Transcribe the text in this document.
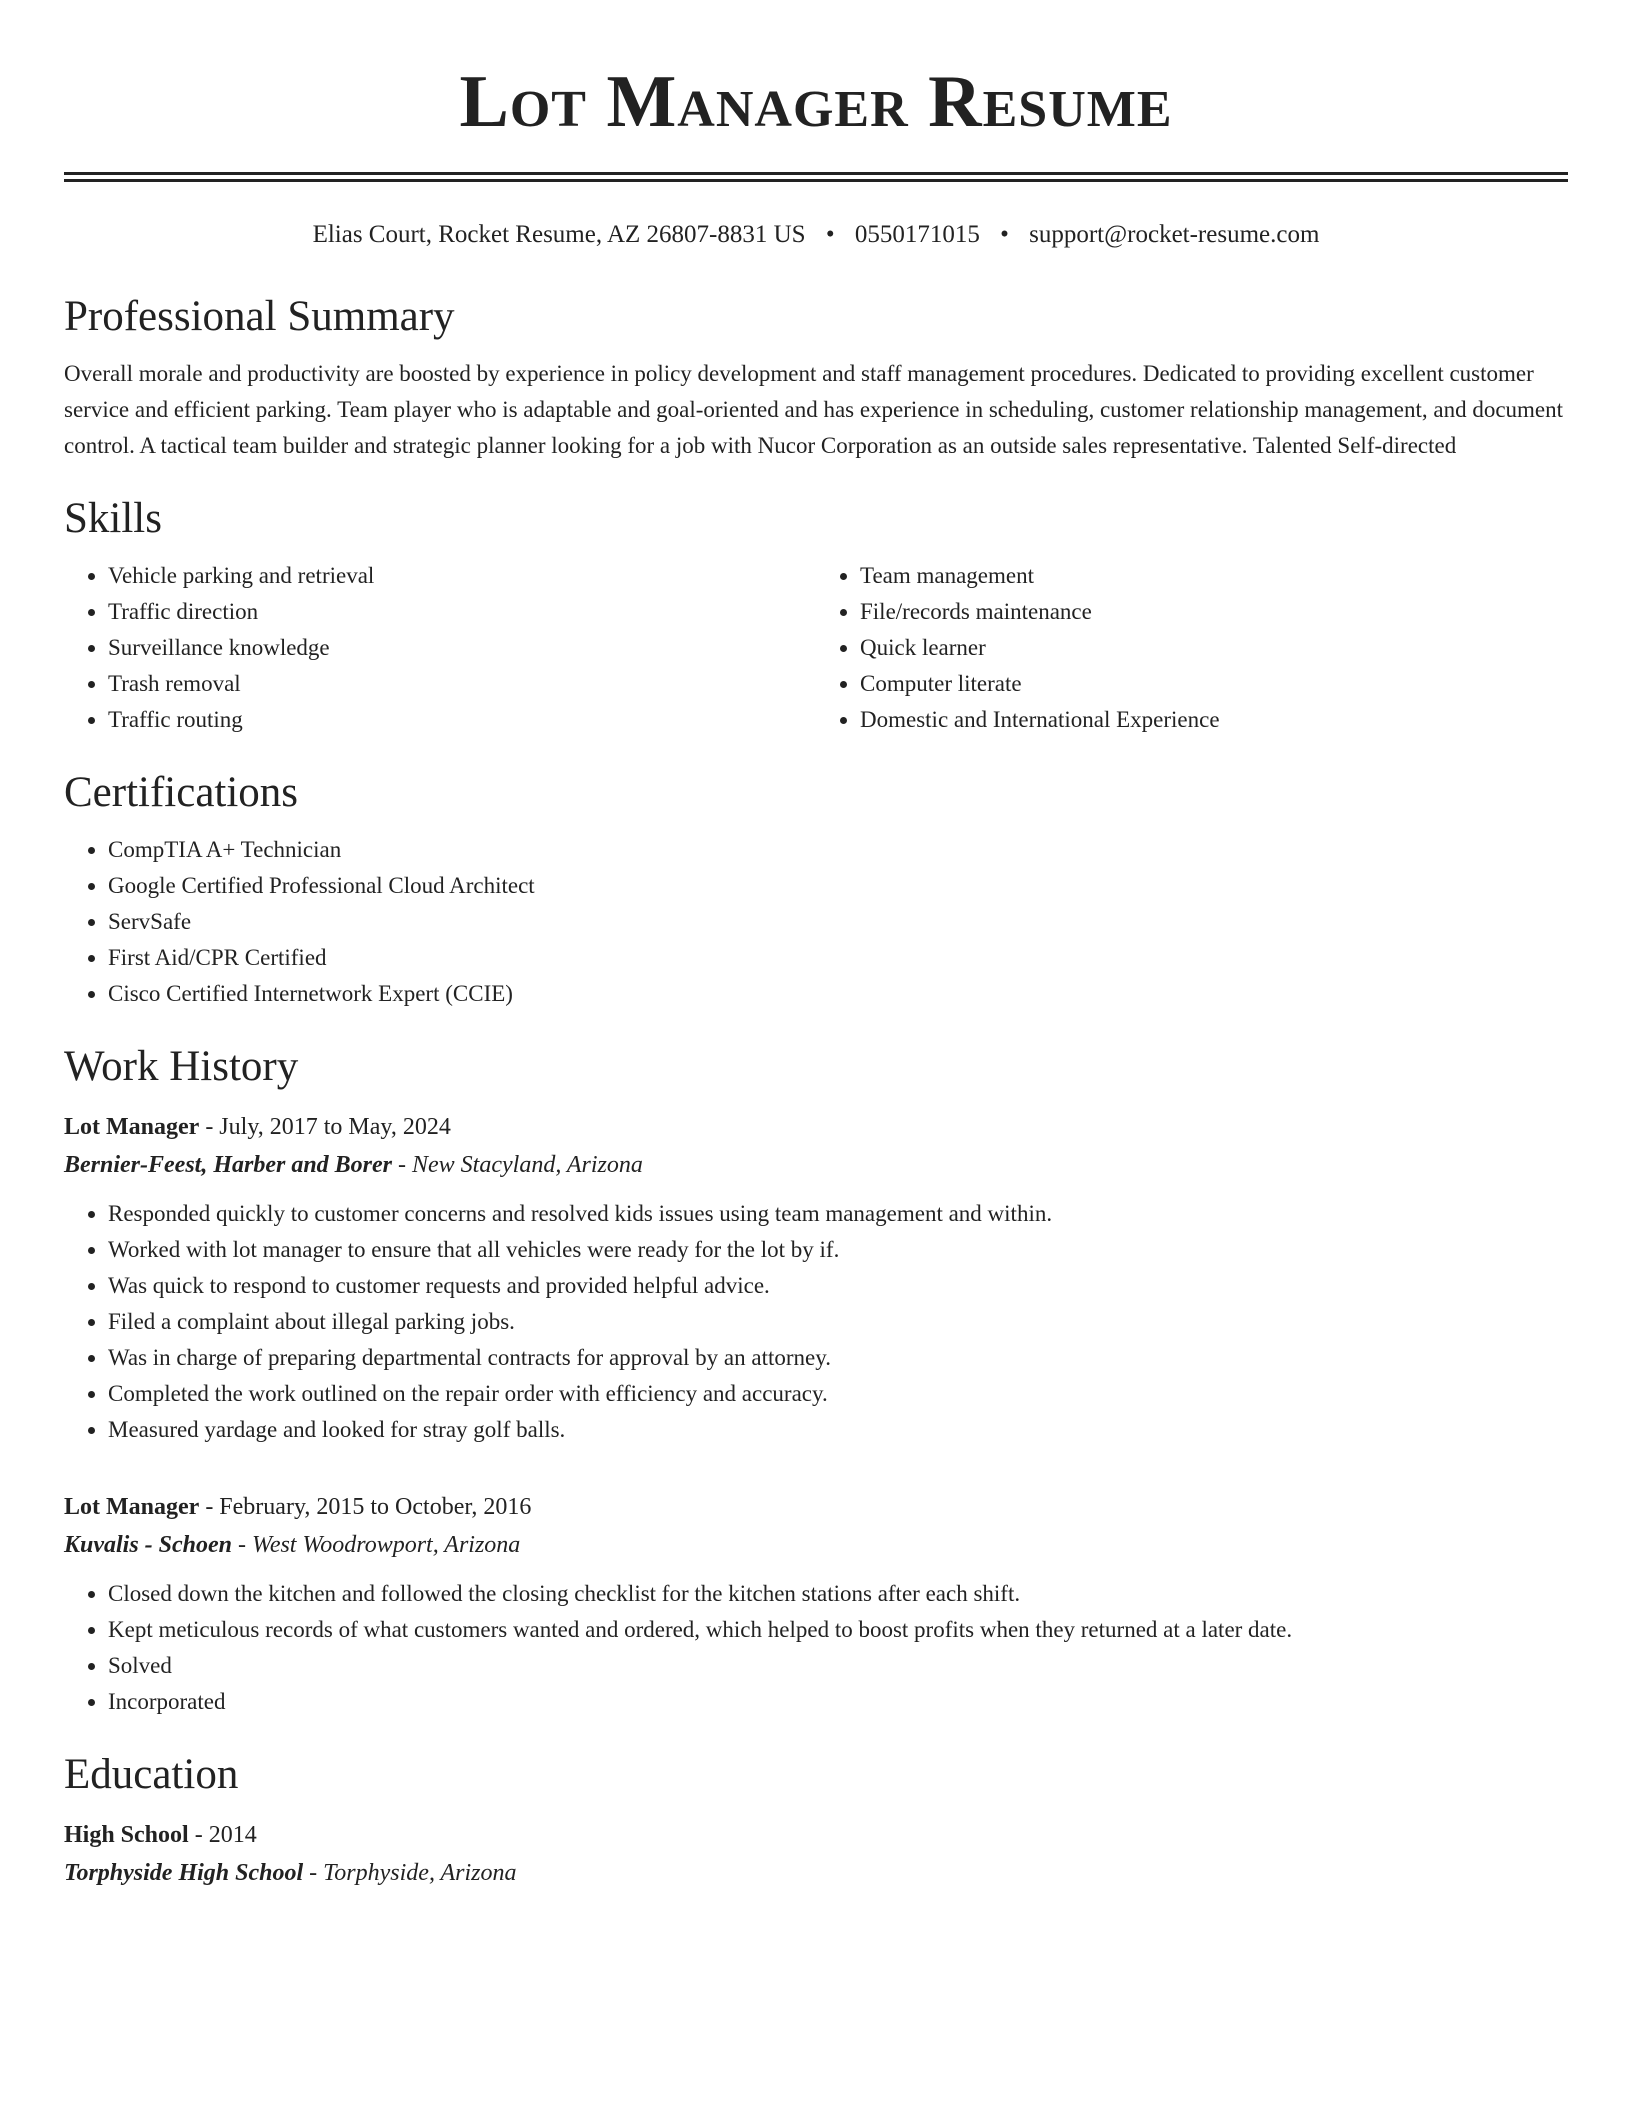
Lot Manager Resume
Elias Court, Rocket Resume, AZ 26807-8831 US • 0550171015 • support@rocket-resume.com
Professional Summary

Overall morale and productivity are boosted by experience in policy development and staff management procedures. Dedicated to providing excellent customer service and efficient parking. Team player who is adaptable and goal-oriented and has experience in scheduling, customer relationship management, and document control. A tactical team builder and strategic planner looking for a job with Nucor Corporation as an outside sales representative. Talented Self-directed

Skills
• Vehicle parking and retrieval
• Traffic direction
• Surveillance knowledge
• Trash removal
• Traffic routing
• Team management
• File/records maintenance
• Quick learner
• Computer literate
• Domestic and International Experience
Certifications
• CompTIA A+ Technician
• Google Certified Professional Cloud Architect
• ServSafe
• First Aid/CPR Certified
• Cisco Certified Internetwork Expert (CCIE)
Work History
Lot Manager - July, 2017 to May, 2024
Bernier-Feest, Harber and Borer - New Stacyland, Arizona
• Responded quickly to customer concerns and resolved kids issues using team management and within.
• Worked with lot manager to ensure that all vehicles were ready for the lot by if.
• Was quick to respond to customer requests and provided helpful advice.
• Filed a complaint about illegal parking jobs.
• Was in charge of preparing departmental contracts for approval by an attorney.
• Completed the work outlined on the repair order with efficiency and accuracy.
• Measured yardage and looked for stray golf balls.
Lot Manager - February, 2015 to October, 2016
Kuvalis - Schoen - West Woodrowport, Arizona
• Closed down the kitchen and followed the closing checklist for the kitchen stations after each shift.
• Kept meticulous records of what customers wanted and ordered, which helped to boost profits when they returned at a later date.
• Solved
• Incorporated
Education
High School - 2014
Torphyside High School - Torphyside, Arizona
